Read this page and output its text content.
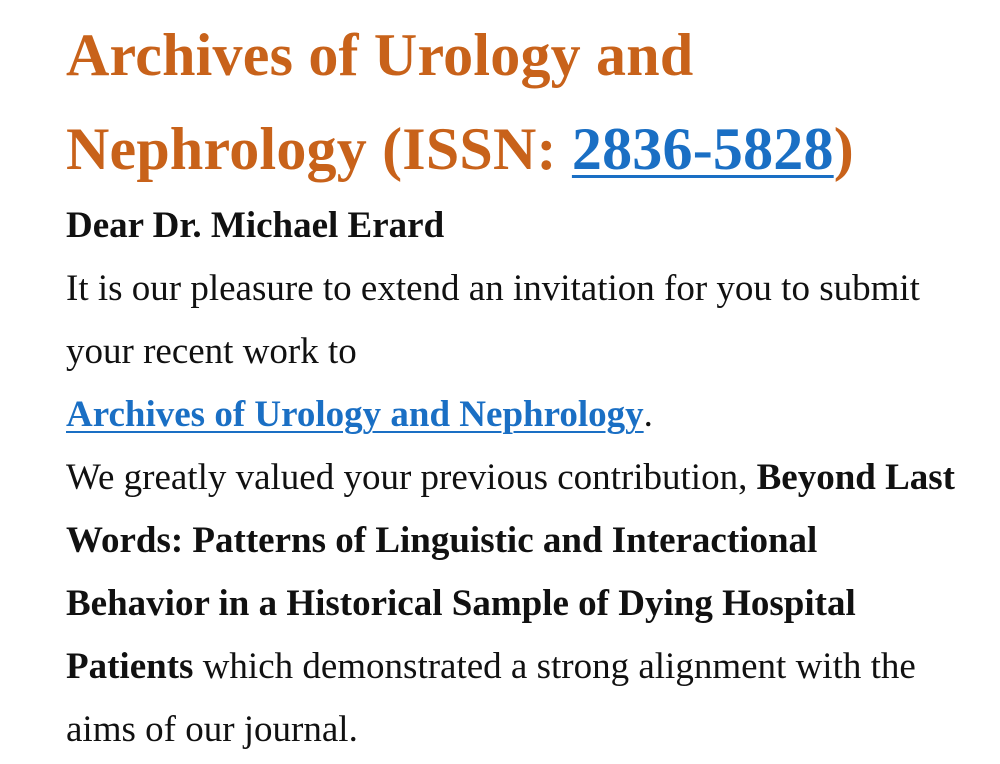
Archives of Urology and Nephrology (ISSN: 2836-5828)

Dear Dr. Michael Erard

It is our pleasure to extend an invitation for you to submit your recent work to
Archives of Urology and Nephrology.

We greatly valued your previous contribution, Beyond Last Words: Patterns of Linguistic and Interactional Behavior in a Historical Sample of Dying Hospital Patients which demonstrated a strong alignment with the aims of our journal.
